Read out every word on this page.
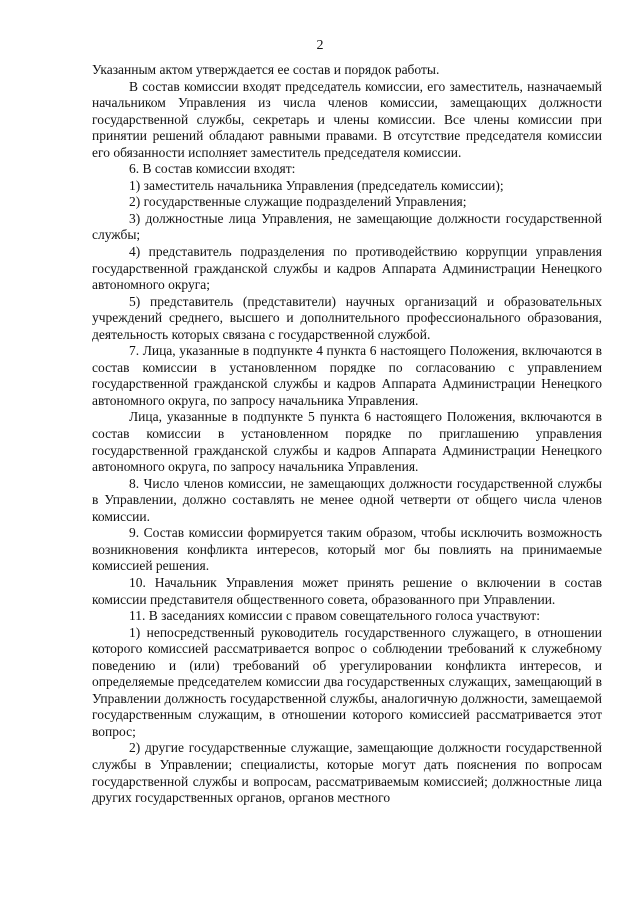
2

Указанным актом утверждается ее состав и порядок работы.

В состав комиссии входят председатель комиссии, его заместитель, назначаемый начальником Управления из числа членов комиссии, замещающих должности государственной службы, секретарь и члены комиссии. Все члены комиссии при принятии решений обладают равными правами. В отсутствие председателя комиссии его обязанности исполняет заместитель председателя комиссии.

6. В состав комиссии входят:

1) заместитель начальника Управления (председатель комиссии);

2) государственные служащие подразделений Управления;

3) должностные лица Управления, не замещающие должности государственной службы;

4) представитель подразделения по противодействию коррупции управления государственной гражданской службы и кадров Аппарата Администрации Ненецкого автономного округа;

5) представитель (представители) научных организаций и образовательных учреждений среднего, высшего и дополнительного профессионального образования, деятельность которых связана с государственной службой.

7. Лица, указанные в подпункте 4 пункта 6 настоящего Положения, включаются в состав комиссии в установленном порядке по согласованию с управлением государственной гражданской службы и кадров Аппарата Администрации Ненецкого автономного округа, по запросу начальника Управления.

Лица, указанные в подпункте 5 пункта 6 настоящего Положения, включаются в состав комиссии в установленном порядке по приглашению управления государственной гражданской службы и кадров Аппарата Администрации Ненецкого автономного округа, по запросу начальника Управления.

8. Число членов комиссии, не замещающих должности государственной службы в Управлении, должно составлять не менее одной четверти от общего числа членов комиссии.

9. Состав комиссии формируется таким образом, чтобы исключить возможность возникновения конфликта интересов, который мог бы повлиять на принимаемые комиссией решения.

10. Начальник Управления может принять решение о включении в состав комиссии представителя общественного совета, образованного при Управлении.

11. В заседаниях комиссии с правом совещательного голоса участвуют:

1) непосредственный руководитель государственного служащего, в отношении которого комиссией рассматривается вопрос о соблюдении требований к служебному поведению и (или) требований об урегулировании конфликта интересов, и определяемые председателем комиссии два государственных служащих, замещающий в Управлении должность государственной службы, аналогичную должности, замещаемой государственным служащим, в отношении которого комиссией рассматривается этот вопрос;

2) другие государственные служащие, замещающие должности государственной службы в Управлении; специалисты, которые могут дать пояснения по вопросам государственной службы и вопросам, рассматриваемым комиссией; должностные лица других государственных органов, органов местного
